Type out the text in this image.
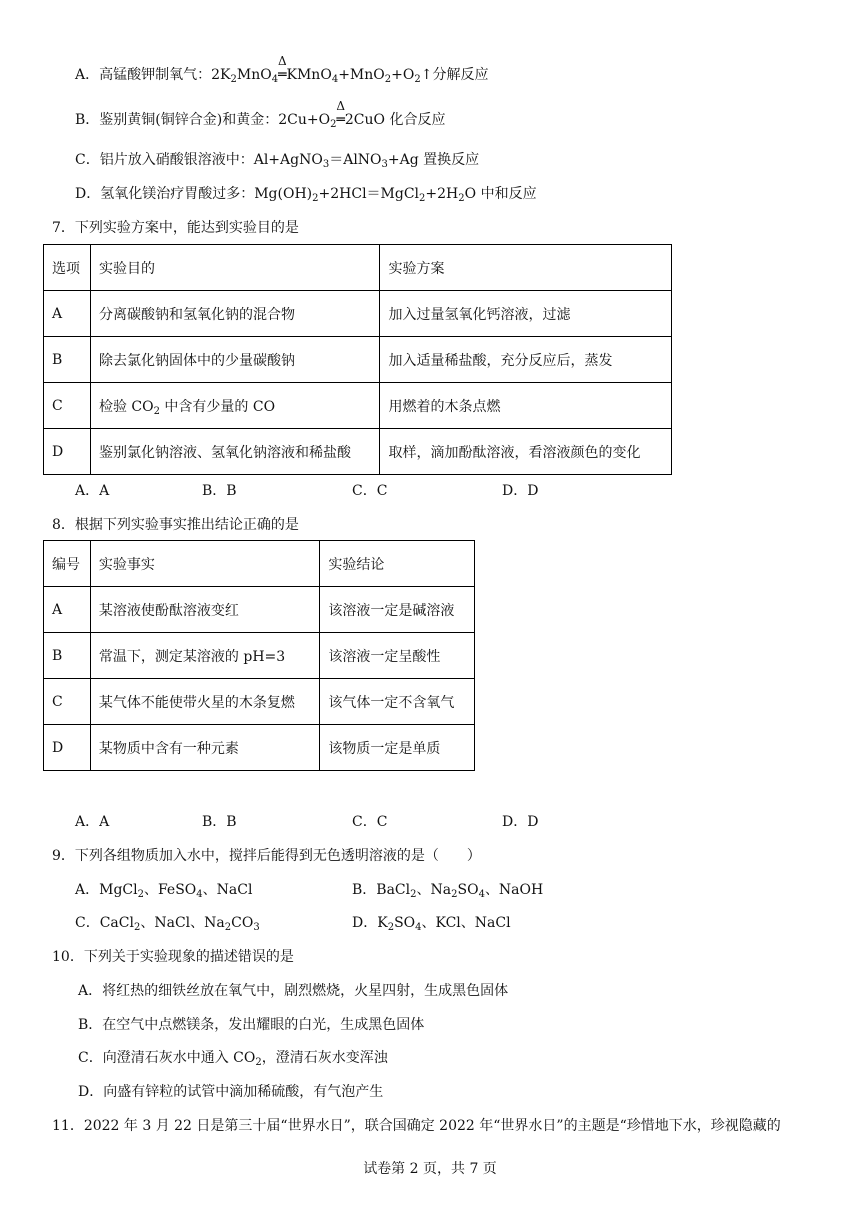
A．高锰酸钾制氧气：$2K_2MnO_4$
Δ
$═KMnO_4+MnO_2+O_2↑$分解反应
B．鉴别黄铜(铜锌合金)和黄金：$2Cu+O_2$
Δ
═2CuO 化合反应
C．铝片放入硝酸银溶液中：Al+AgNO$_3$＝AlNO$_3$+Ag 置换反应
D．氢氧化镁治疗胃酸过多：$Mg(OH)_2+2HCl=MgCl_2+2H_2O$ 中和反应
7．下列实验方案中，能达到实验目的是
选项	实验目的	实验方案
A	分离碳酸钠和氢氧化钠的混合物	加入过量氢氧化钙溶液，过滤
B	除去氯化钠固体中的少量碳酸钠	加入适量稀盐酸，充分反应后，蒸发
C	检验 $CO_2$ 中含有少量的 CO	用燃着的木条点燃
D	鉴别氯化钠溶液、氢氧化钠溶液和稀盐酸	取样，滴加酚酞溶液，看溶液颜色的变化
A．A	B．B	C．C	D．D
8．根据下列实验事实推出结论正确的是
编号	实验事实	实验结论
A	某溶液使酚酞溶液变红	该溶液一定是碱溶液
B	常温下，测定某溶液的 pH=3	该溶液一定呈酸性
C	某气体不能使带火星的木条复燃	该气体一定不含氧气
D	某物质中含有一种元素	该物质一定是单质
A．A	B．B	C．C	D．D
9．下列各组物质加入水中，搅拌后能得到无色透明溶液的是（　　）
A．MgCl$_2$、FeSO$_4$、NaCl	B．BaCl$_2$、$Na_2SO_4$、NaOH
C．CaCl$_2$、NaCl、$Na_2CO_3$	D．$K_2SO_4$、KCl、NaCl
10．下列关于实验现象的描述错误的是
A．将红热的细铁丝放在氧气中，剧烈燃烧，火星四射，生成黑色固体
B．在空气中点燃镁条，发出耀眼的白光，生成黑色固体
C．向澄清石灰水中通入 $CO_2$，澄清石灰水变浑浊
D．向盛有锌粒的试管中滴加稀硫酸，有气泡产生
11．2022 年 3 月 22 日是第三十届“世界水日”，联合国确定 2022 年“世界水日”的主题是“珍惜地下水，珍视隐藏的
试卷第 2 页，共 7 页
